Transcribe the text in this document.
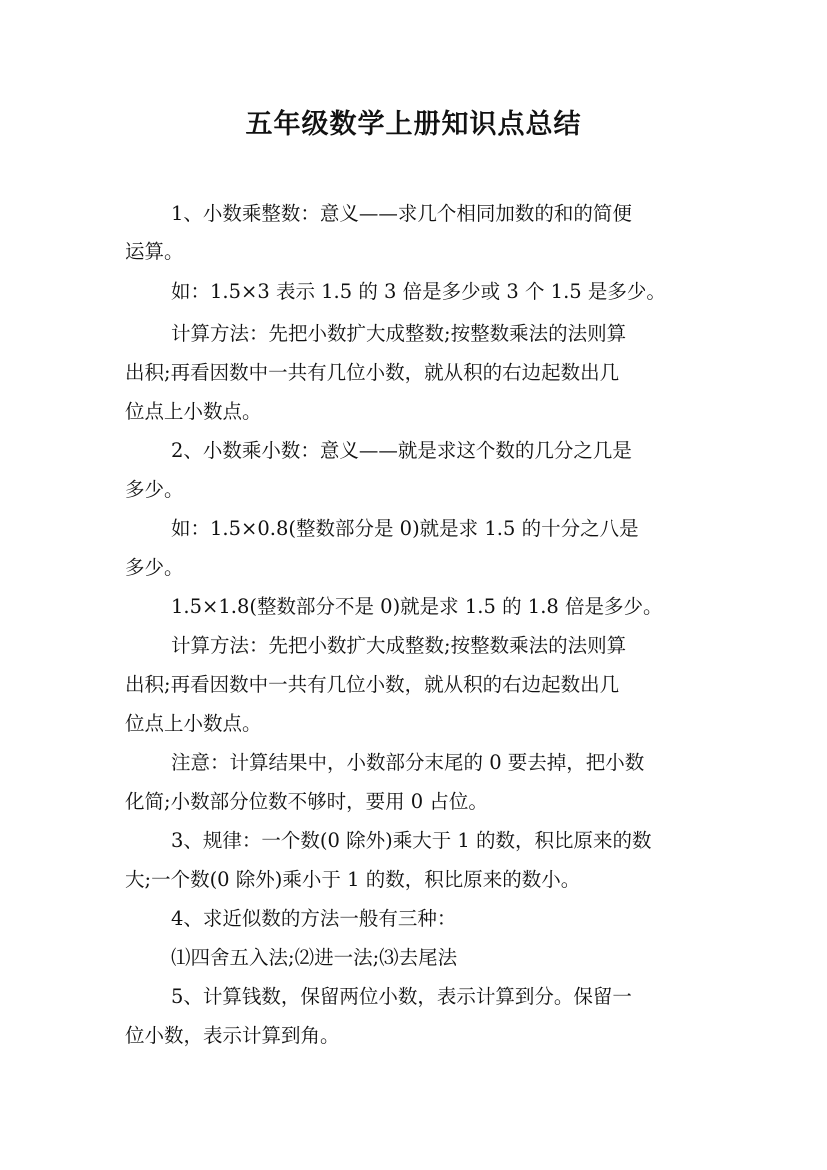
五年级数学上册知识点总结

1、小数乘整数：意义——求几个相同加数的和的简便

运算。

如：1.5×3 表示 1.5 的 3 倍是多少或 3 个 1.5 是多少。

计算方法：先把小数扩大成整数;按整数乘法的法则算

出积;再看因数中一共有几位小数，就从积的右边起数出几

位点上小数点。

2、小数乘小数：意义——就是求这个数的几分之几是

多少。

如：1.5×0.8(整数部分是 0)就是求 1.5 的十分之八是

多少。

1.5×1.8(整数部分不是 0)就是求 1.5 的 1.8 倍是多少。

计算方法：先把小数扩大成整数;按整数乘法的法则算

出积;再看因数中一共有几位小数，就从积的右边起数出几

位点上小数点。

注意：计算结果中，小数部分末尾的 0 要去掉，把小数

化简;小数部分位数不够时，要用 0 占位。

3、规律：一个数(0 除外)乘大于 1 的数，积比原来的数

大;一个数(0 除外)乘小于 1 的数，积比原来的数小。

4、求近似数的方法一般有三种：

⑴四舍五入法;⑵进一法;⑶去尾法

5、计算钱数，保留两位小数，表示计算到分。保留一

位小数，表示计算到角。
